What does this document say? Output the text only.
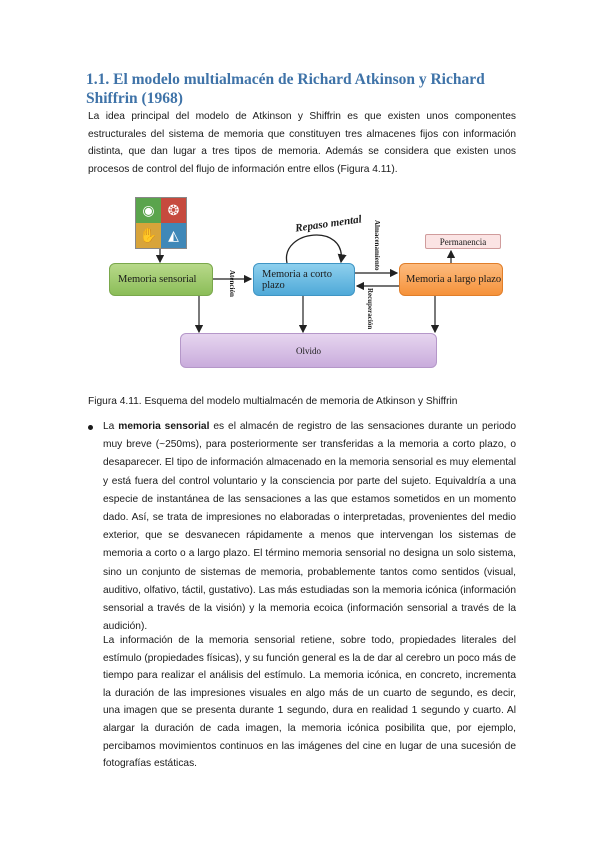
1.1. El modelo multialmacén de Richard Atkinson y Richard Shiffrin (1968)

La idea principal del modelo de Atkinson y Shiffrin es que existen unos componentes estructurales del sistema de memoria que constituyen tres almacenes fijos con información distinta, que dan lugar a tres tipos de memoria. Además se considera que existen unos procesos de control del flujo de información entre ellos (Figura 4.11).

◉ ❂
✋ ◭
Repaso mental
Atención
Almacenamiento
Recuperación
Memoria sensorial	Memoria a corto plazo	Memoria a largo plazo
Permanencia
Olvido

Figura 4.11. Esquema del modelo multialmacén de memoria de Atkinson y Shiffrin

La memoria sensorial es el almacén de registro de las sensaciones durante un periodo muy breve (~250ms), para posteriormente ser transferidas a la memoria a corto plazo, o desaparecer. El tipo de información almacenado en la memoria sensorial es muy elemental y está fuera del control voluntario y la consciencia por parte del sujeto. Equivaldría a una especie de instantánea de las sensaciones a las que estamos sometidos en un momento dado. Así, se trata de impresiones no elaboradas o interpretadas, provenientes del medio exterior, que se desvanecen rápidamente a menos que intervengan los sistemas de memoria a corto o a largo plazo. El término memoria sensorial no designa un solo sistema, sino un conjunto de sistemas de memoria, probablemente tantos como sentidos (visual, auditivo, olfativo, táctil, gustativo). Las más estudiadas son la memoria icónica (información sensorial a través de la visión) y la memoria ecoica (información sensorial a través de la audición).

La información de la memoria sensorial retiene, sobre todo, propiedades literales del estímulo (propiedades físicas), y su función general es la de dar al cerebro un poco más de tiempo para realizar el análisis del estímulo. La memoria icónica, en concreto, incrementa la duración de las impresiones visuales en algo más de un cuarto de segundo, es decir, una imagen que se presenta durante 1 segundo, dura en realidad 1 segundo y cuarto. Al alargar la duración de cada imagen, la memoria icónica posibilita que, por ejemplo, percibamos movimientos continuos en las imágenes del cine en lugar de una sucesión de fotografías estáticas.
